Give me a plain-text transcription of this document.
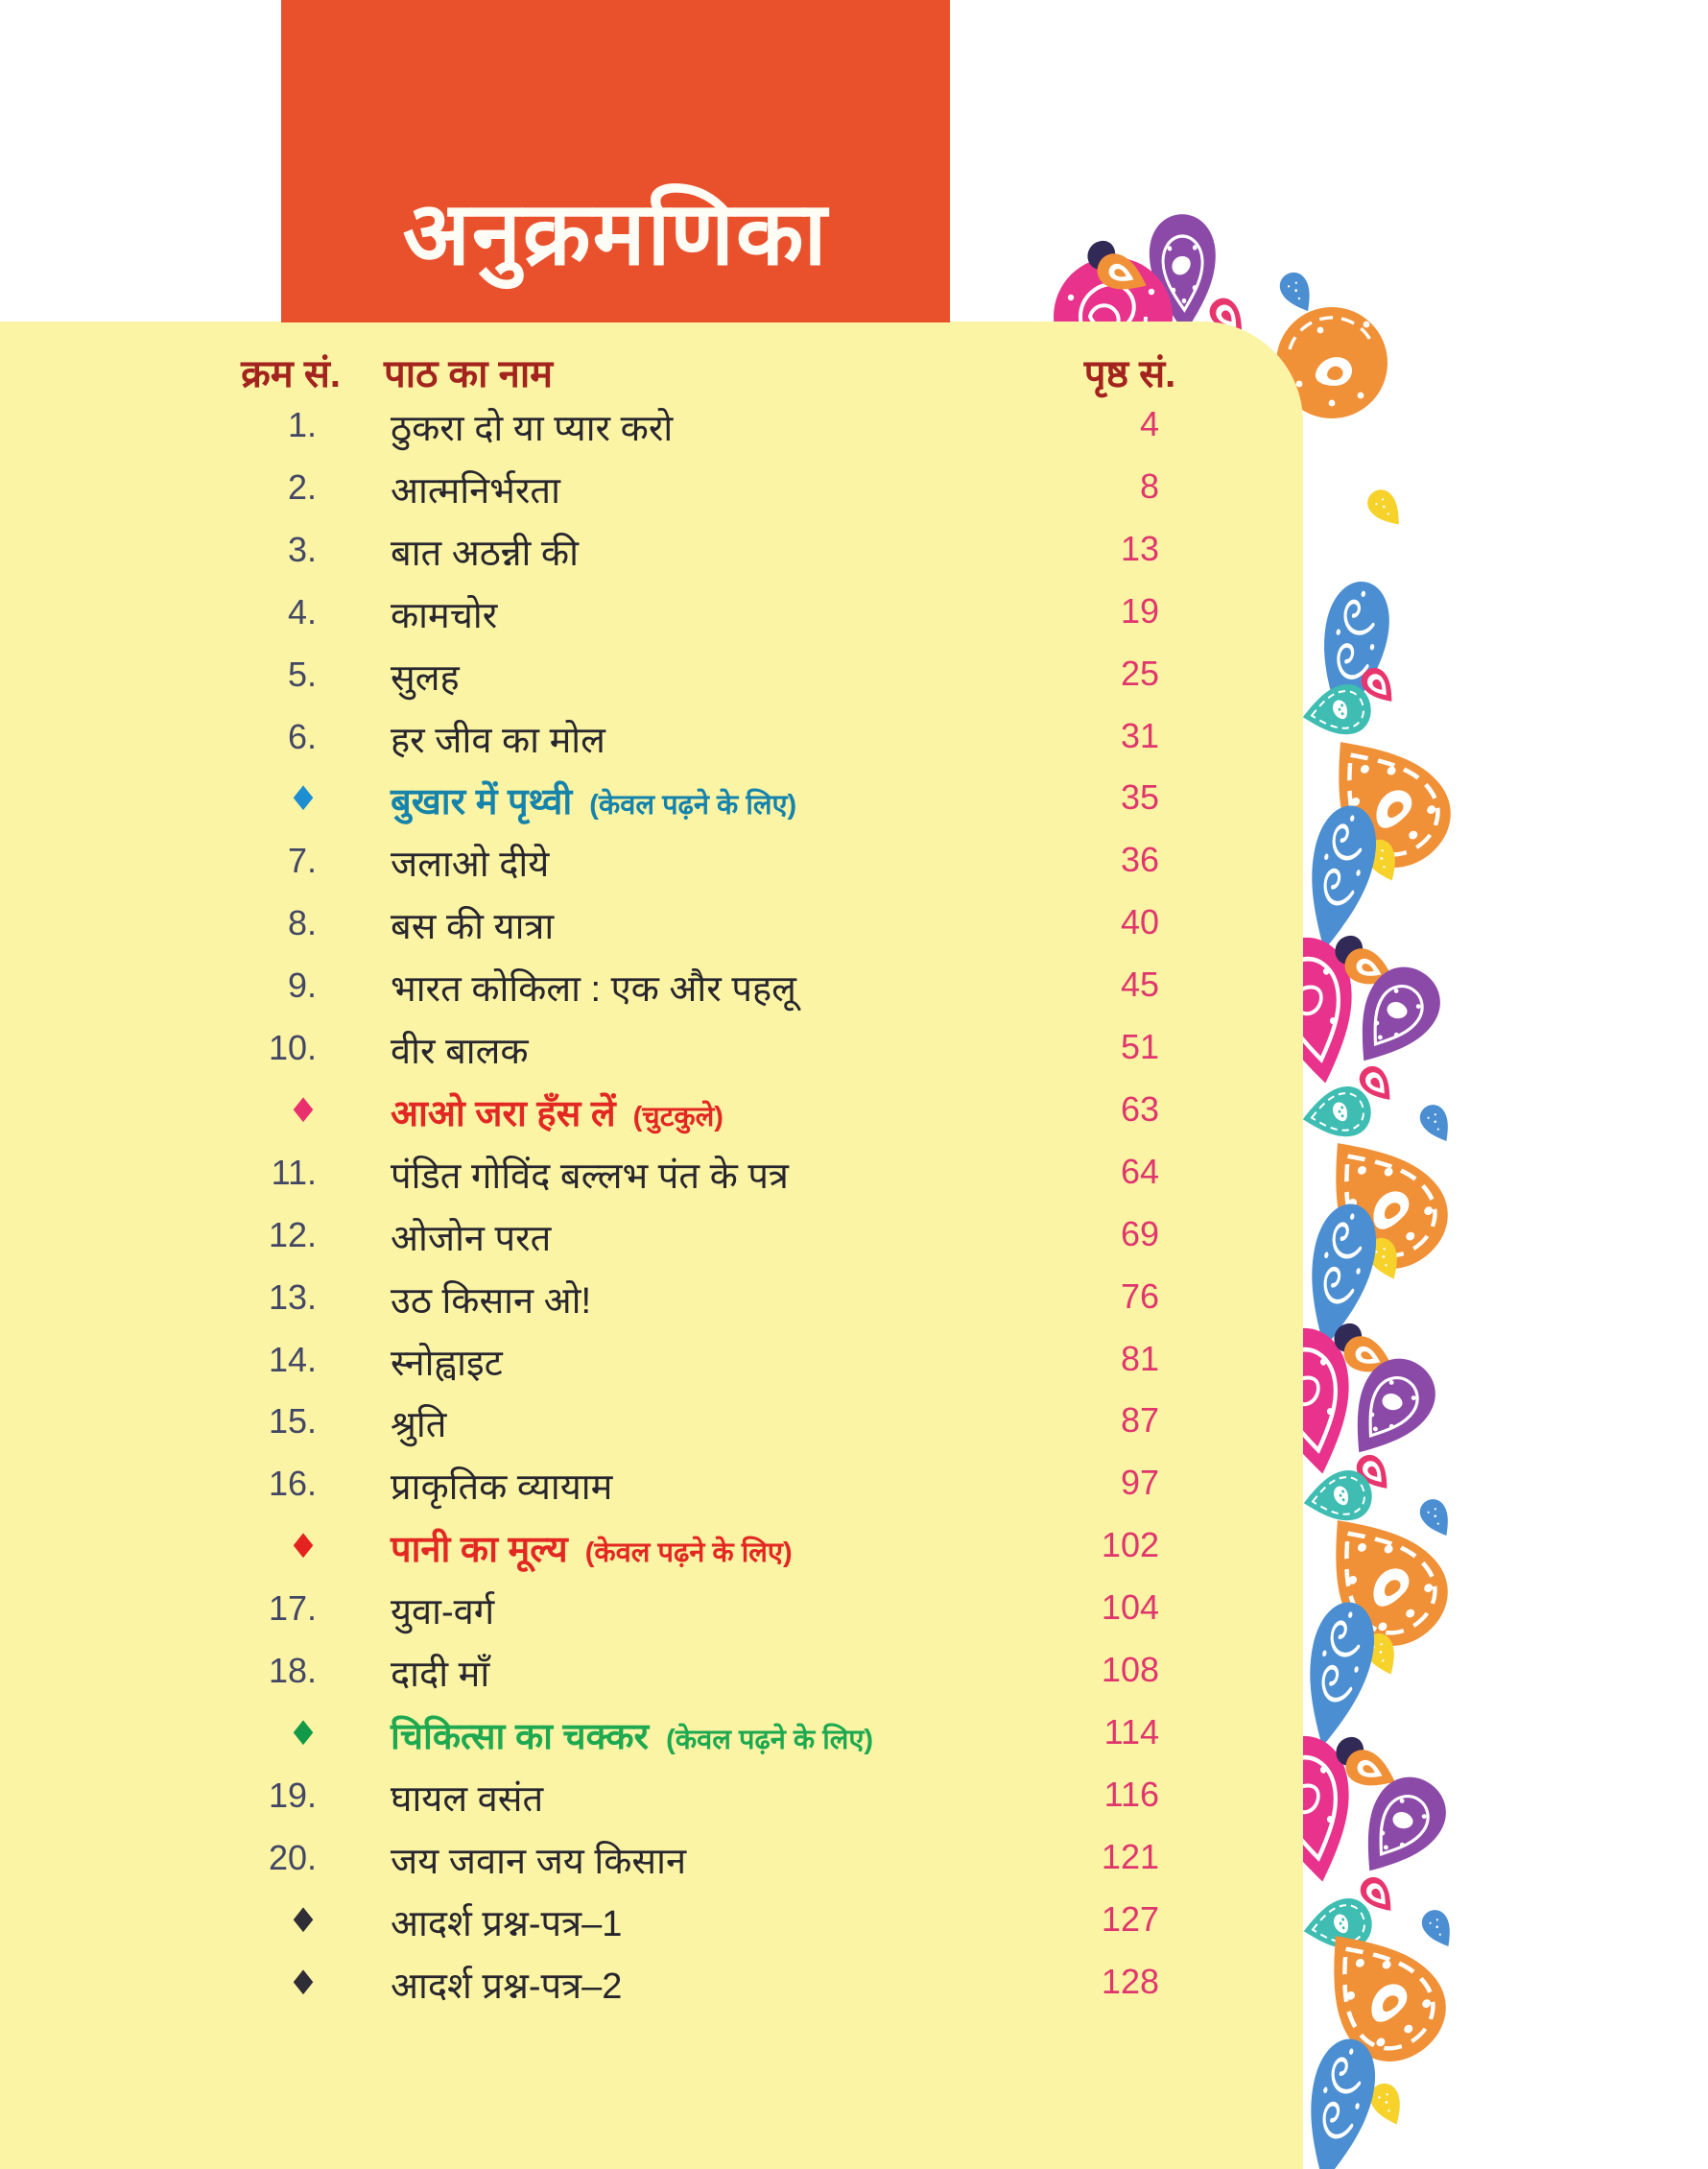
अनुक्रमणिका
क्रम सं. पाठ का नाम	पृष्ठ सं.
1. ठुकरा दो या प्यार करो	4
2. आत्मनिर्भरता	8
3. बात अठन्नी की	13
4. कामचोर	19
5. सुलह	25
6. हर जीव का मोल	31
◆	बुखार में पृथ्वी (केवल पढ़ने के लिए)	35
7. जलाओ दीये	36
8. बस की यात्रा	40
9. भारत कोकिला : एक और पहलू	45
10. वीर बालक	51
◆	आओ जरा हँस लें (चुटकुले)	63
11. पंडित गोविंद बल्लभ पंत के पत्र	64
12. ओजोन परत	69
13. उठ किसान ओ!	76
14. स्नोह्वाइट	81
15. श्रुति	87
16. प्राकृतिक व्यायाम	97
◆	पानी का मूल्य (केवल पढ़ने के लिए)	102
17. युवा-वर्ग	104
18. दादी माँ	108
◆	चिकित्सा का चक्कर (केवल पढ़ने के लिए)	114
19. घायल वसंत	116
20. जय जवान जय किसान	121
◆	आदर्श प्रश्न-पत्र–1	127
◆	आदर्श प्रश्न-पत्र–2	128
